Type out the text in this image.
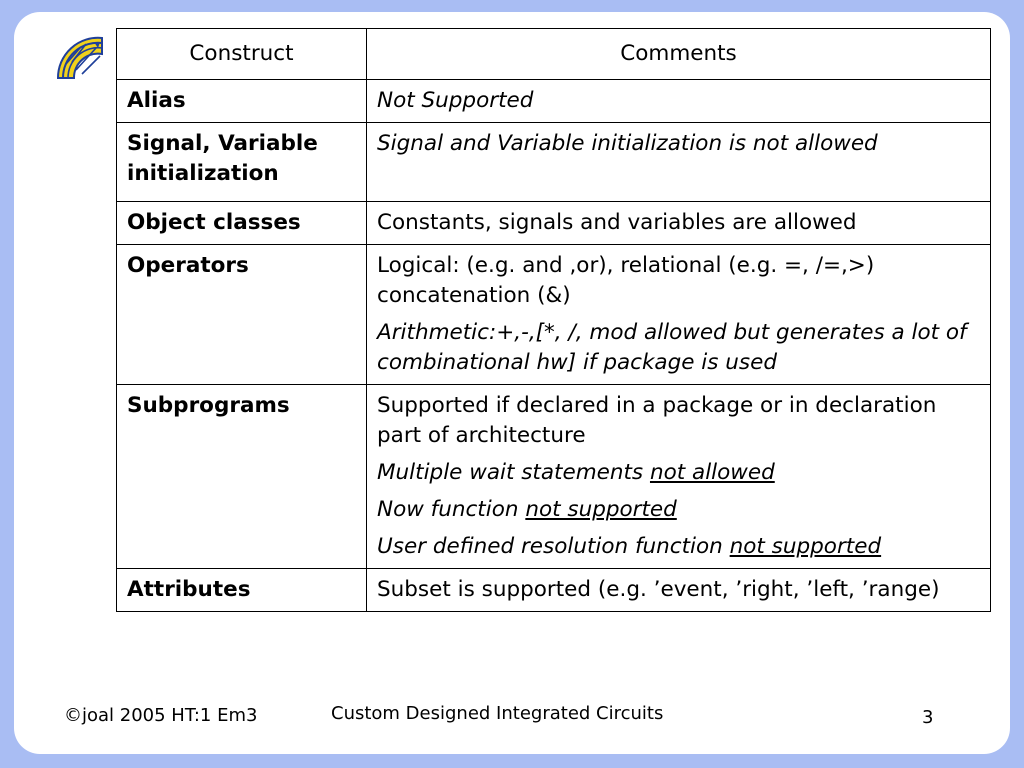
Construct	Comments
Alias	Not Supported

Signal, Variable initialization	Signal and Variable initialization is not allowed

Object classes	Constants, signals and variables are allowed

Operators	Logical: (e.g. and ,or), relational (e.g. =, /=,>) concatenation (&)
Arithmetic:+,-,[*, /, mod allowed but generates a lot of combinational hw] if package is used

Subprograms	Supported if declared in a package or in declaration part of architecture
Multiple wait statements not allowed
Now function not supported
User defined resolution function not supported

Attributes	Subset is supported (e.g. ’event, ’right, ’left, ’range)
©joal 2005 HT:1 Em3	Custom Designed Integrated Circuits	3
